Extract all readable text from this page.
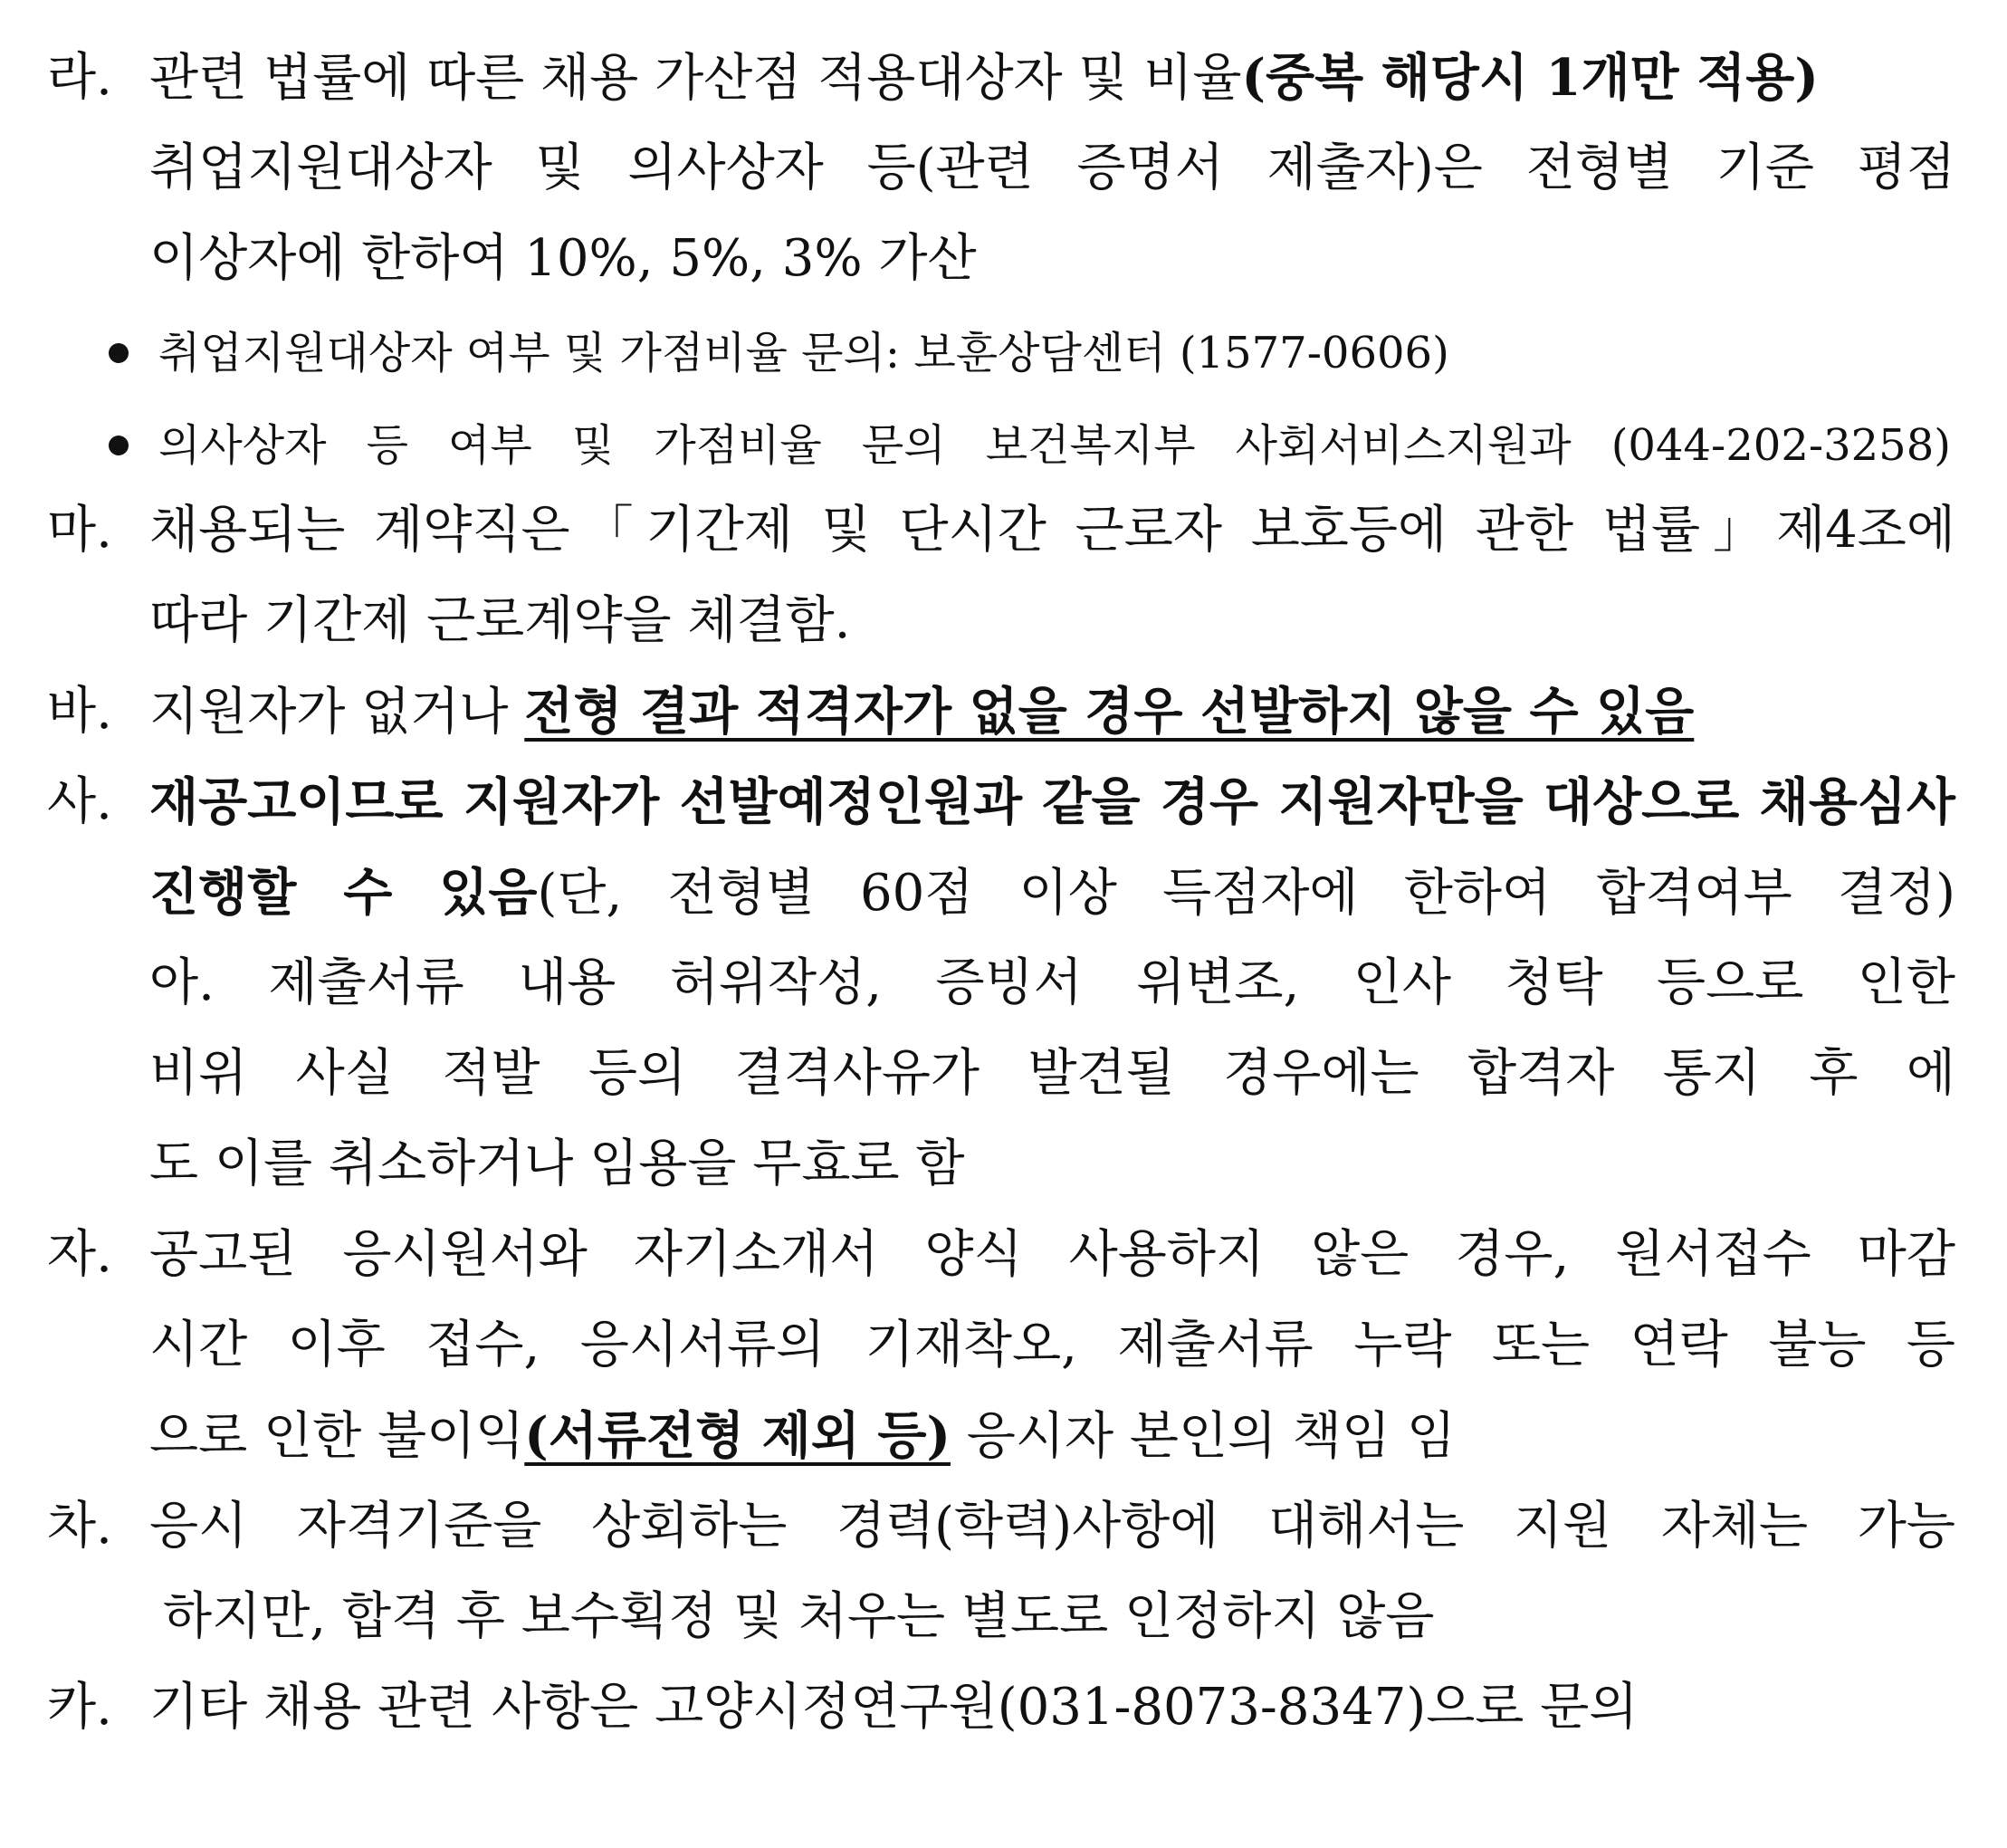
라. 관련 법률에 따른 채용 가산점 적용대상자 및 비율(중복 해당시 1개만 적용)
취업지원대상자 및 의사상자 등(관련 증명서 제출자)은 전형별 기준 평점
이상자에 한하여 10%, 5%, 3% 가산
취업지원대상자 여부 및 가점비율 문의: 보훈상담센터 (1577-0606)
의사상자 등 여부 및 가점비율 문의 보건복지부 사회서비스지원과 (044-202-3258)
마. 채용되는 계약직은「기간제 및 단시간 근로자 보호등에 관한 법률」제4조에
따라 기간제 근로계약을 체결함.
바. 지원자가 없거나 전형 결과 적격자가 없을 경우 선발하지 않을 수 있음
사. 재공고이므로 지원자가 선발예정인원과 같을 경우 지원자만을 대상으로 채용심사
진행할 수 있음(단, 전형별 60점 이상 득점자에 한하여 합격여부 결정)
아. 제출서류 내용 허위작성, 증빙서 위변조, 인사 청탁 등으로 인한
비위 사실 적발 등의 결격사유가 발견될 경우에는 합격자 통지 후 에
도 이를 취소하거나 임용을 무효로 함
자. 공고된 응시원서와 자기소개서 양식 사용하지 않은 경우, 원서접수 마감
시간 이후 접수, 응시서류의 기재착오, 제출서류 누락 또는 연락 불능 등
으로 인한 불이익(서류전형 제외 등) 응시자 본인의 책임 임
차. 응시 자격기준을 상회하는 경력(학력)사항에 대해서는 지원 자체는 가능
하지만, 합격 후 보수획정 및 처우는 별도로 인정하지 않음
카. 기타 채용 관련 사항은 고양시정연구원(031-8073-8347)으로 문의
